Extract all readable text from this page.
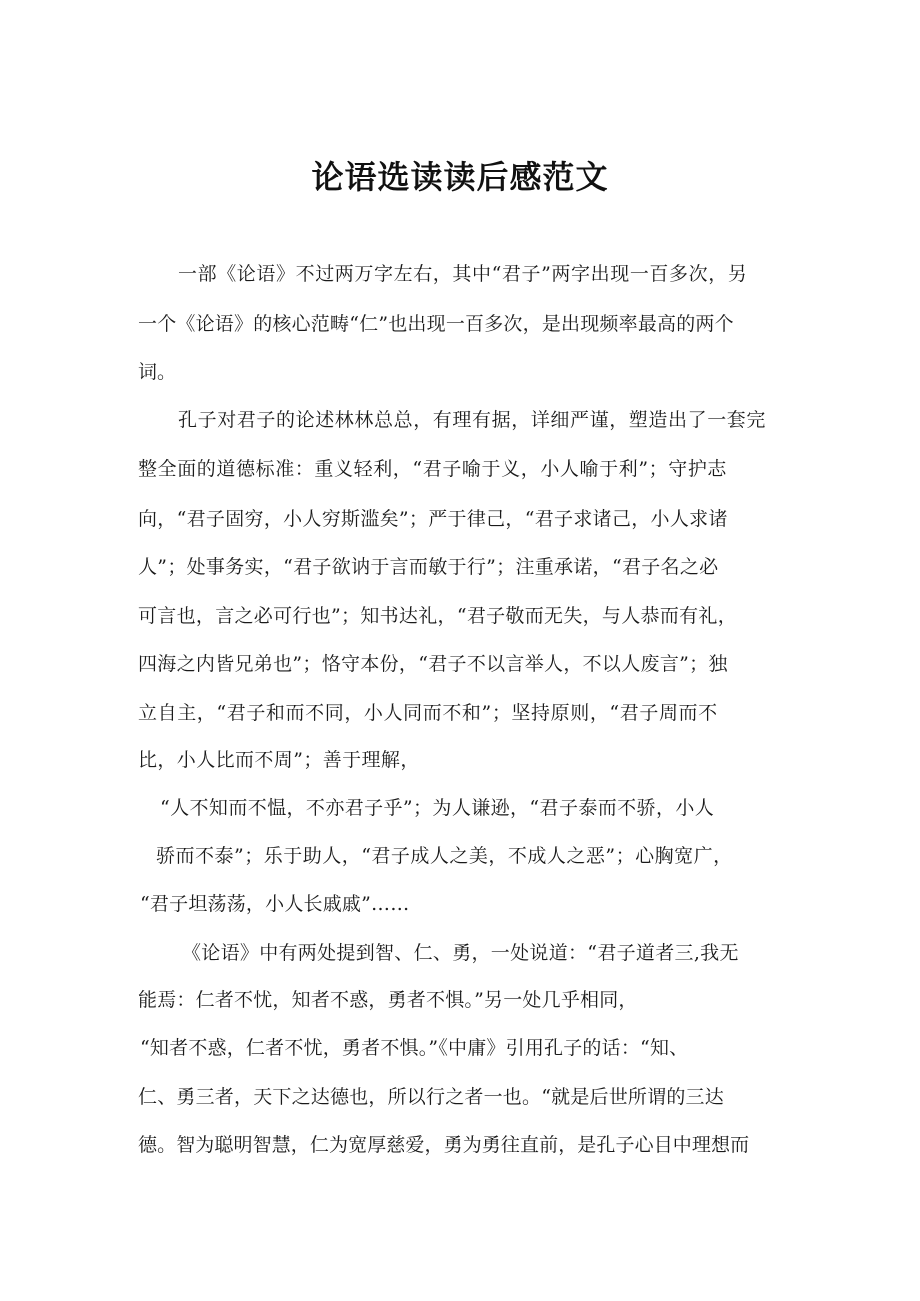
论语选读读后感范文
一部《论语》不过两万字左右，其中“君子”两字出现一百多次，另
一个《论语》的核心范畴“仁”也出现一百多次，是出现频率最高的两个
词。
孔子对君子的论述林林总总，有理有据，详细严谨，塑造出了一套完
整全面的道德标准：重义轻利，“君子喻于义，小人喻于利”；守护志
向，“君子固穷，小人穷斯滥矣”；严于律己，“君子求诸己，小人求诸
人”；处事务实，“君子欲讷于言而敏于行”；注重承诺，“君子名之必
可言也，言之必可行也”；知书达礼，“君子敬而无失，与人恭而有礼，
四海之内皆兄弟也”；恪守本份，“君子不以言举人，不以人废言”；独
立自主，“君子和而不同，小人同而不和”；坚持原则，“君子周而不
比，小人比而不周”；善于理解，
“人不知而不愠，不亦君子乎”；为人谦逊，“君子泰而不骄，小人
骄而不泰”；乐于助人，“君子成人之美，不成人之恶”；心胸宽广，
“君子坦荡荡，小人长戚戚”……
《论语》中有两处提到智、仁、勇，一处说道：“君子道者三,我无
能焉：仁者不忧，知者不惑，勇者不惧。”另一处几乎相同，
“知者不惑，仁者不忧，勇者不惧。”《中庸》引用孔子的话：“知、
仁、勇三者，天下之达德也，所以行之者一也。“就是后世所谓的三达
德。智为聪明智慧，仁为宽厚慈爱，勇为勇往直前，是孔子心目中理想而
